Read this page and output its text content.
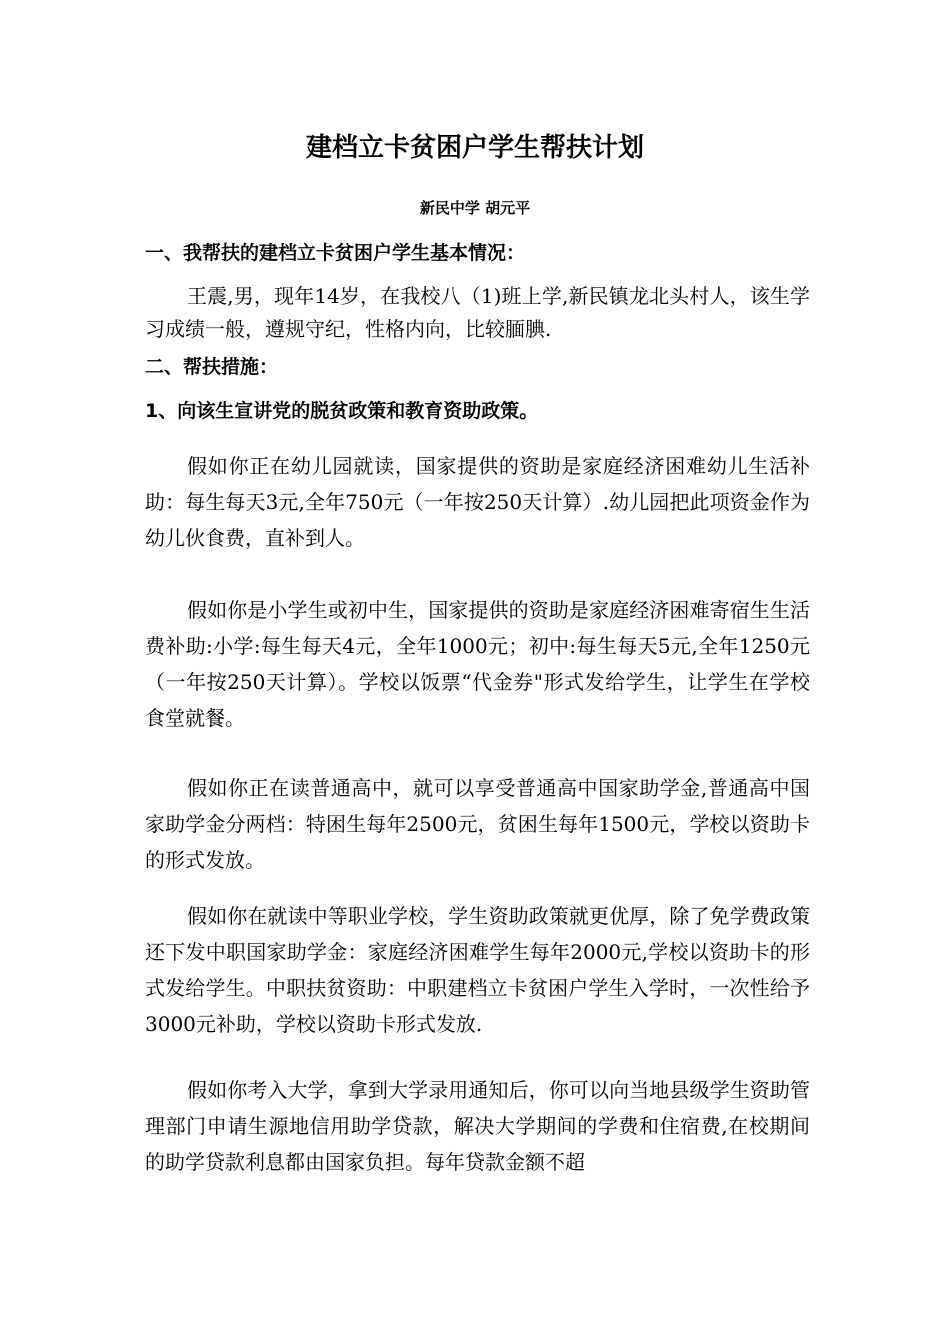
建档立卡贫困户学生帮扶计划
新民中学 胡元平
一、我帮扶的建档立卡贫困户学生基本情况：

王震,男，现年14岁，在我校八（1)班上学,新民镇龙北头村人，该生学习成绩一般，遵规守纪，性格内向，比较腼腆.

二、帮扶措施：
1、向该生宣讲党的脱贫政策和教育资助政策。

假如你正在幼儿园就读，国家提供的资助是家庭经济困难幼儿生活补助：每生每天3元,全年750元（一年按250天计算）.幼儿园把此项资金作为幼儿伙食费，直补到人。

假如你是小学生或初中生，国家提供的资助是家庭经济困难寄宿生生活费补助:小学:每生每天4元，全年1000元；初中:每生每天5元,全年1250元（一年按250天计算）。学校以饭票“代金券"形式发给学生，让学生在学校食堂就餐。

假如你正在读普通高中，就可以享受普通高中国家助学金,普通高中国家助学金分两档：特困生每年2500元，贫困生每年1500元，学校以资助卡的形式发放。

假如你在就读中等职业学校，学生资助政策就更优厚，除了免学费政策还下发中职国家助学金：家庭经济困难学生每年2000元,学校以资助卡的形式发给学生。中职扶贫资助：中职建档立卡贫困户学生入学时，一次性给予3000元补助，学校以资助卡形式发放.

假如你考入大学，拿到大学录用通知后，你可以向当地县级学生资助管理部门申请生源地信用助学贷款，解决大学期间的学费和住宿费,在校期间的助学贷款利息都由国家负担。每年贷款金额不超
